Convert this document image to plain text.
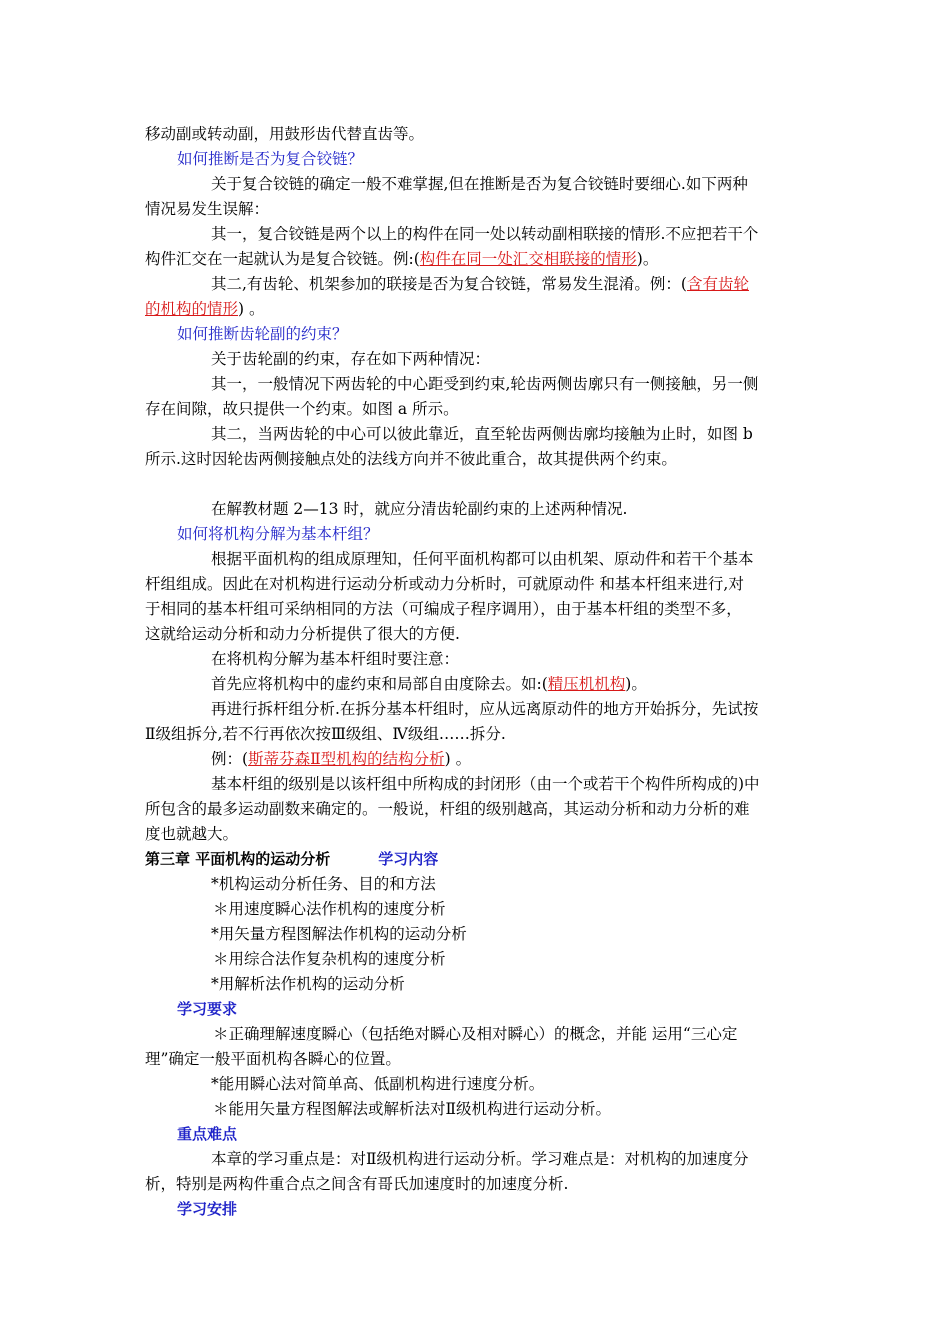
移动副或转动副，用鼓形齿代替直齿等。
如何推断是否为复合铰链？
关于复合铰链的确定一般不难掌握,但在推断是否为复合铰链时要细心.如下两种
情况易发生误解：
其一，复合铰链是两个以上的构件在同一处以转动副相联接的情形.不应把若干个
构件汇交在一起就认为是复合铰链。例:(构件在同一处汇交相联接的情形)。
其二,有齿轮、机架参加的联接是否为复合铰链，常易发生混淆。例：(含有齿轮
的机构的情形) 。
如何推断齿轮副的约束？
关于齿轮副的约束，存在如下两种情况：
其一，一般情况下两齿轮的中心距受到约束,轮齿两侧齿廓只有一侧接触，另一侧
存在间隙，故只提供一个约束。如图 a 所示。
其二，当两齿轮的中心可以彼此靠近，直至轮齿两侧齿廓均接触为止时，如图 b
所示.这时因轮齿两侧接触点处的法线方向并不彼此重合，故其提供两个约束。
在解教材题 2—13 时，就应分清齿轮副约束的上述两种情况.
如何将机构分解为基本杆组？
根据平面机构的组成原理知，任何平面机构都可以由机架、原动件和若干个基本
杆组组成。因此在对机构进行运动分析或动力分析时，可就原动件 和基本杆组来进行,对
于相同的基本杆组可采纳相同的方法（可编成子程序调用），由于基本杆组的类型不多，
这就给运动分析和动力分析提供了很大的方便.
在将机构分解为基本杆组时要注意：
首先应将机构中的虚约束和局部自由度除去。如:(精压机机构)。
再进行拆杆组分析.在拆分基本杆组时，应从远离原动件的地方开始拆分，先试按
Ⅱ级组拆分,若不行再依次按Ⅲ级组、Ⅳ级组……拆分.
例：(斯蒂芬森Ⅱ型机构的结构分析) 。
基本杆组的级别是以该杆组中所构成的封闭形（由一个或若干个构件所构成的)中
所包含的最多运动副数来确定的。一般说，杆组的级别越高，其运动分析和动力分析的难
度也就越大。
第三章 平面机构的运动分析	学习内容
*机构运动分析任务、目的和方法
＊用速度瞬心法作机构的速度分析
*用矢量方程图解法作机构的运动分析
＊用综合法作复杂机构的速度分析
*用解析法作机构的运动分析
学习要求
＊正确理解速度瞬心（包括绝对瞬心及相对瞬心）的概念，并能 运用“三心定
理”确定一般平面机构各瞬心的位置。
*能用瞬心法对简单高、低副机构进行速度分析。
＊能用矢量方程图解法或解析法对Ⅱ级机构进行运动分析。
重点难点
本章的学习重点是：对Ⅱ级机构进行运动分析。学习难点是：对机构的加速度分
析，特别是两构件重合点之间含有哥氏加速度时的加速度分析.
学习安排
